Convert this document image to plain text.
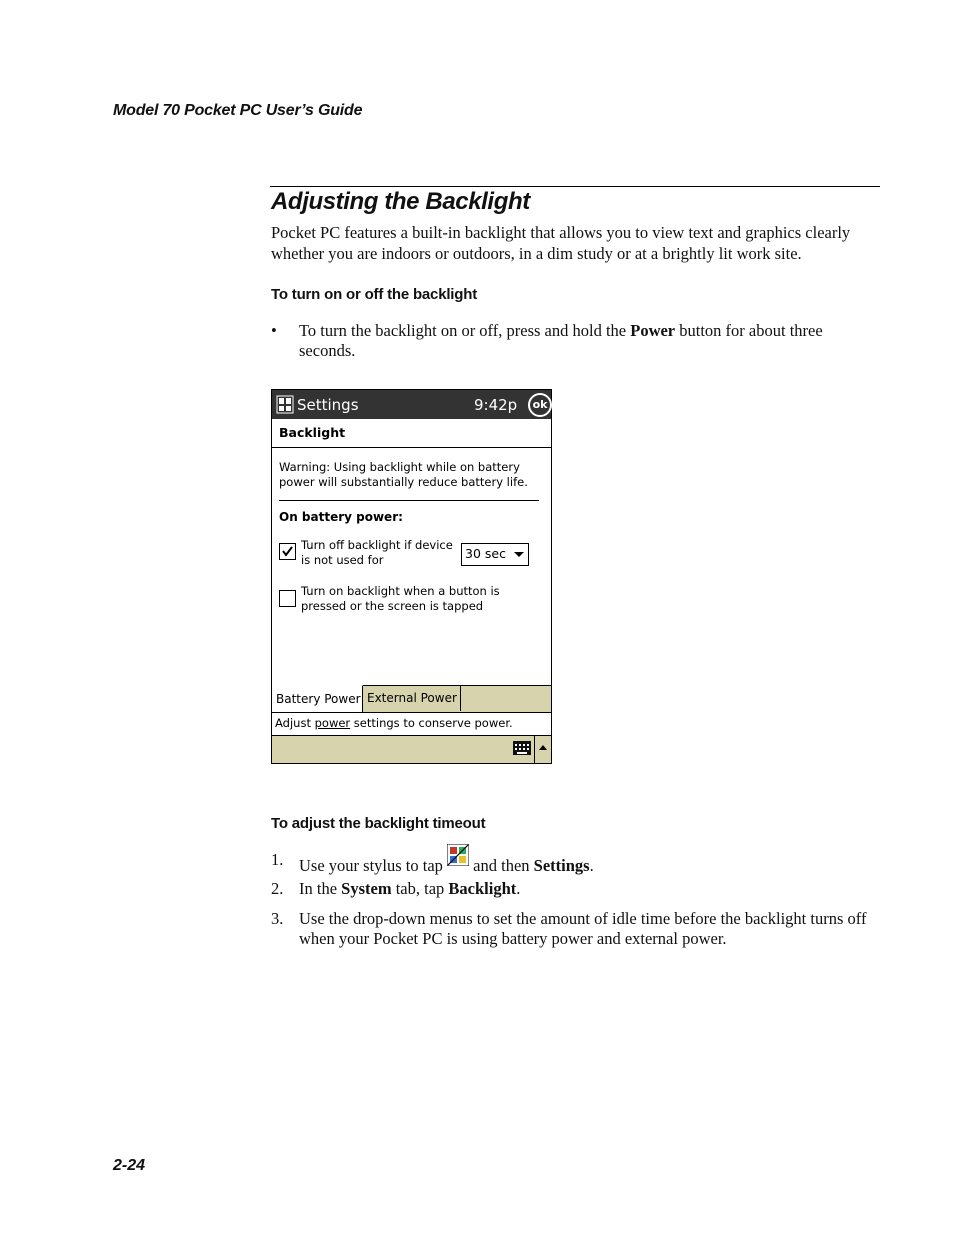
Model 70 Pocket PC User’s Guide
Adjusting the Backlight
Pocket PC features a built-in backlight that allows you to view text and graphics clearly whether you are indoors or outdoors, in a dim study or at a brightly lit work site.
To turn on or off the backlight
• To turn the backlight on or off, press and hold the Power button for about three seconds.
Settings	9:42p	ok
Backlight
Warning: Using backlight while on battery power will substantially reduce battery life.
On battery power:
Turn off backlight if device is not used for	30 sec
Turn on backlight when a button is pressed or the screen is tapped
Battery Power External Power
Adjust power settings to conserve power.
To adjust the backlight timeout
1. Use your stylus to tap
and then Settings.
2. In the System tab, tap Backlight.
3. Use the drop-down menus to set the amount of idle time before the backlight turns off when your Pocket PC is using battery power and external power.
2-24
